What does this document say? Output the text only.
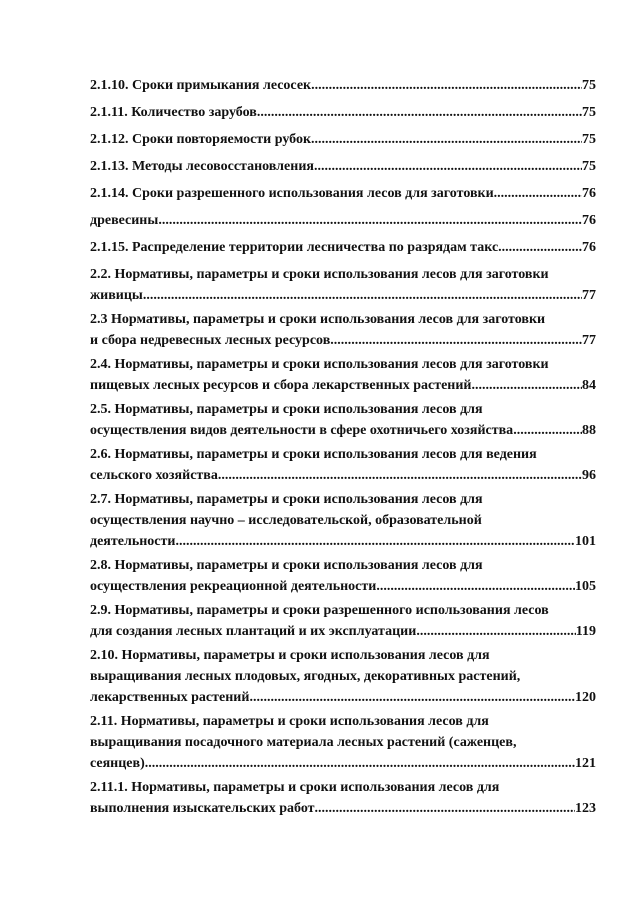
2.1.10. Сроки примыкания лесосек .....	75
2.1.11. Количество зарубов .....	75
2.1.12. Сроки повторяемости рубок .....	75
2.1.13. Методы лесовосстановления .....	75
2.1.14. Сроки разрешенного использования лесов для заготовки .....	76
древесины .....	76
2.1.15. Распределение территории лесничества по разрядам такс .....	76
2.2. Нормативы, параметры и сроки использования лесов для заготовки
живицы .....	77
2.3 Нормативы, параметры и сроки использования лесов для заготовки
и сбора недревесных лесных ресурсов .....	77
2.4. Нормативы, параметры и сроки использования лесов для заготовки
пищевых лесных ресурсов и сбора лекарственных растений .....	84
2.5. Нормативы, параметры и сроки использования лесов для
осуществления видов деятельности в сфере охотничьего хозяйства .....	88
2.6. Нормативы, параметры и сроки использования лесов для ведения
сельского хозяйства .....	96
2.7. Нормативы, параметры и сроки использования лесов для
осуществления научно – исследовательской, образовательной
деятельности .....	101
2.8. Нормативы, параметры и сроки использования лесов для
осуществления рекреационной деятельности .....	105
2.9. Нормативы, параметры и сроки разрешенного использования лесов
для создания лесных плантаций и их эксплуатации .....	119
2.10. Нормативы, параметры и сроки использования лесов для
выращивания лесных плодовых, ягодных, декоративных растений,
лекарственных растений .....	120
2.11. Нормативы, параметры и сроки использования лесов для
выращивания посадочного материала лесных растений (саженцев,
сеянцев) .....	121
2.11.1. Нормативы, параметры и сроки использования лесов для
выполнения изыскательских работ .....	123
